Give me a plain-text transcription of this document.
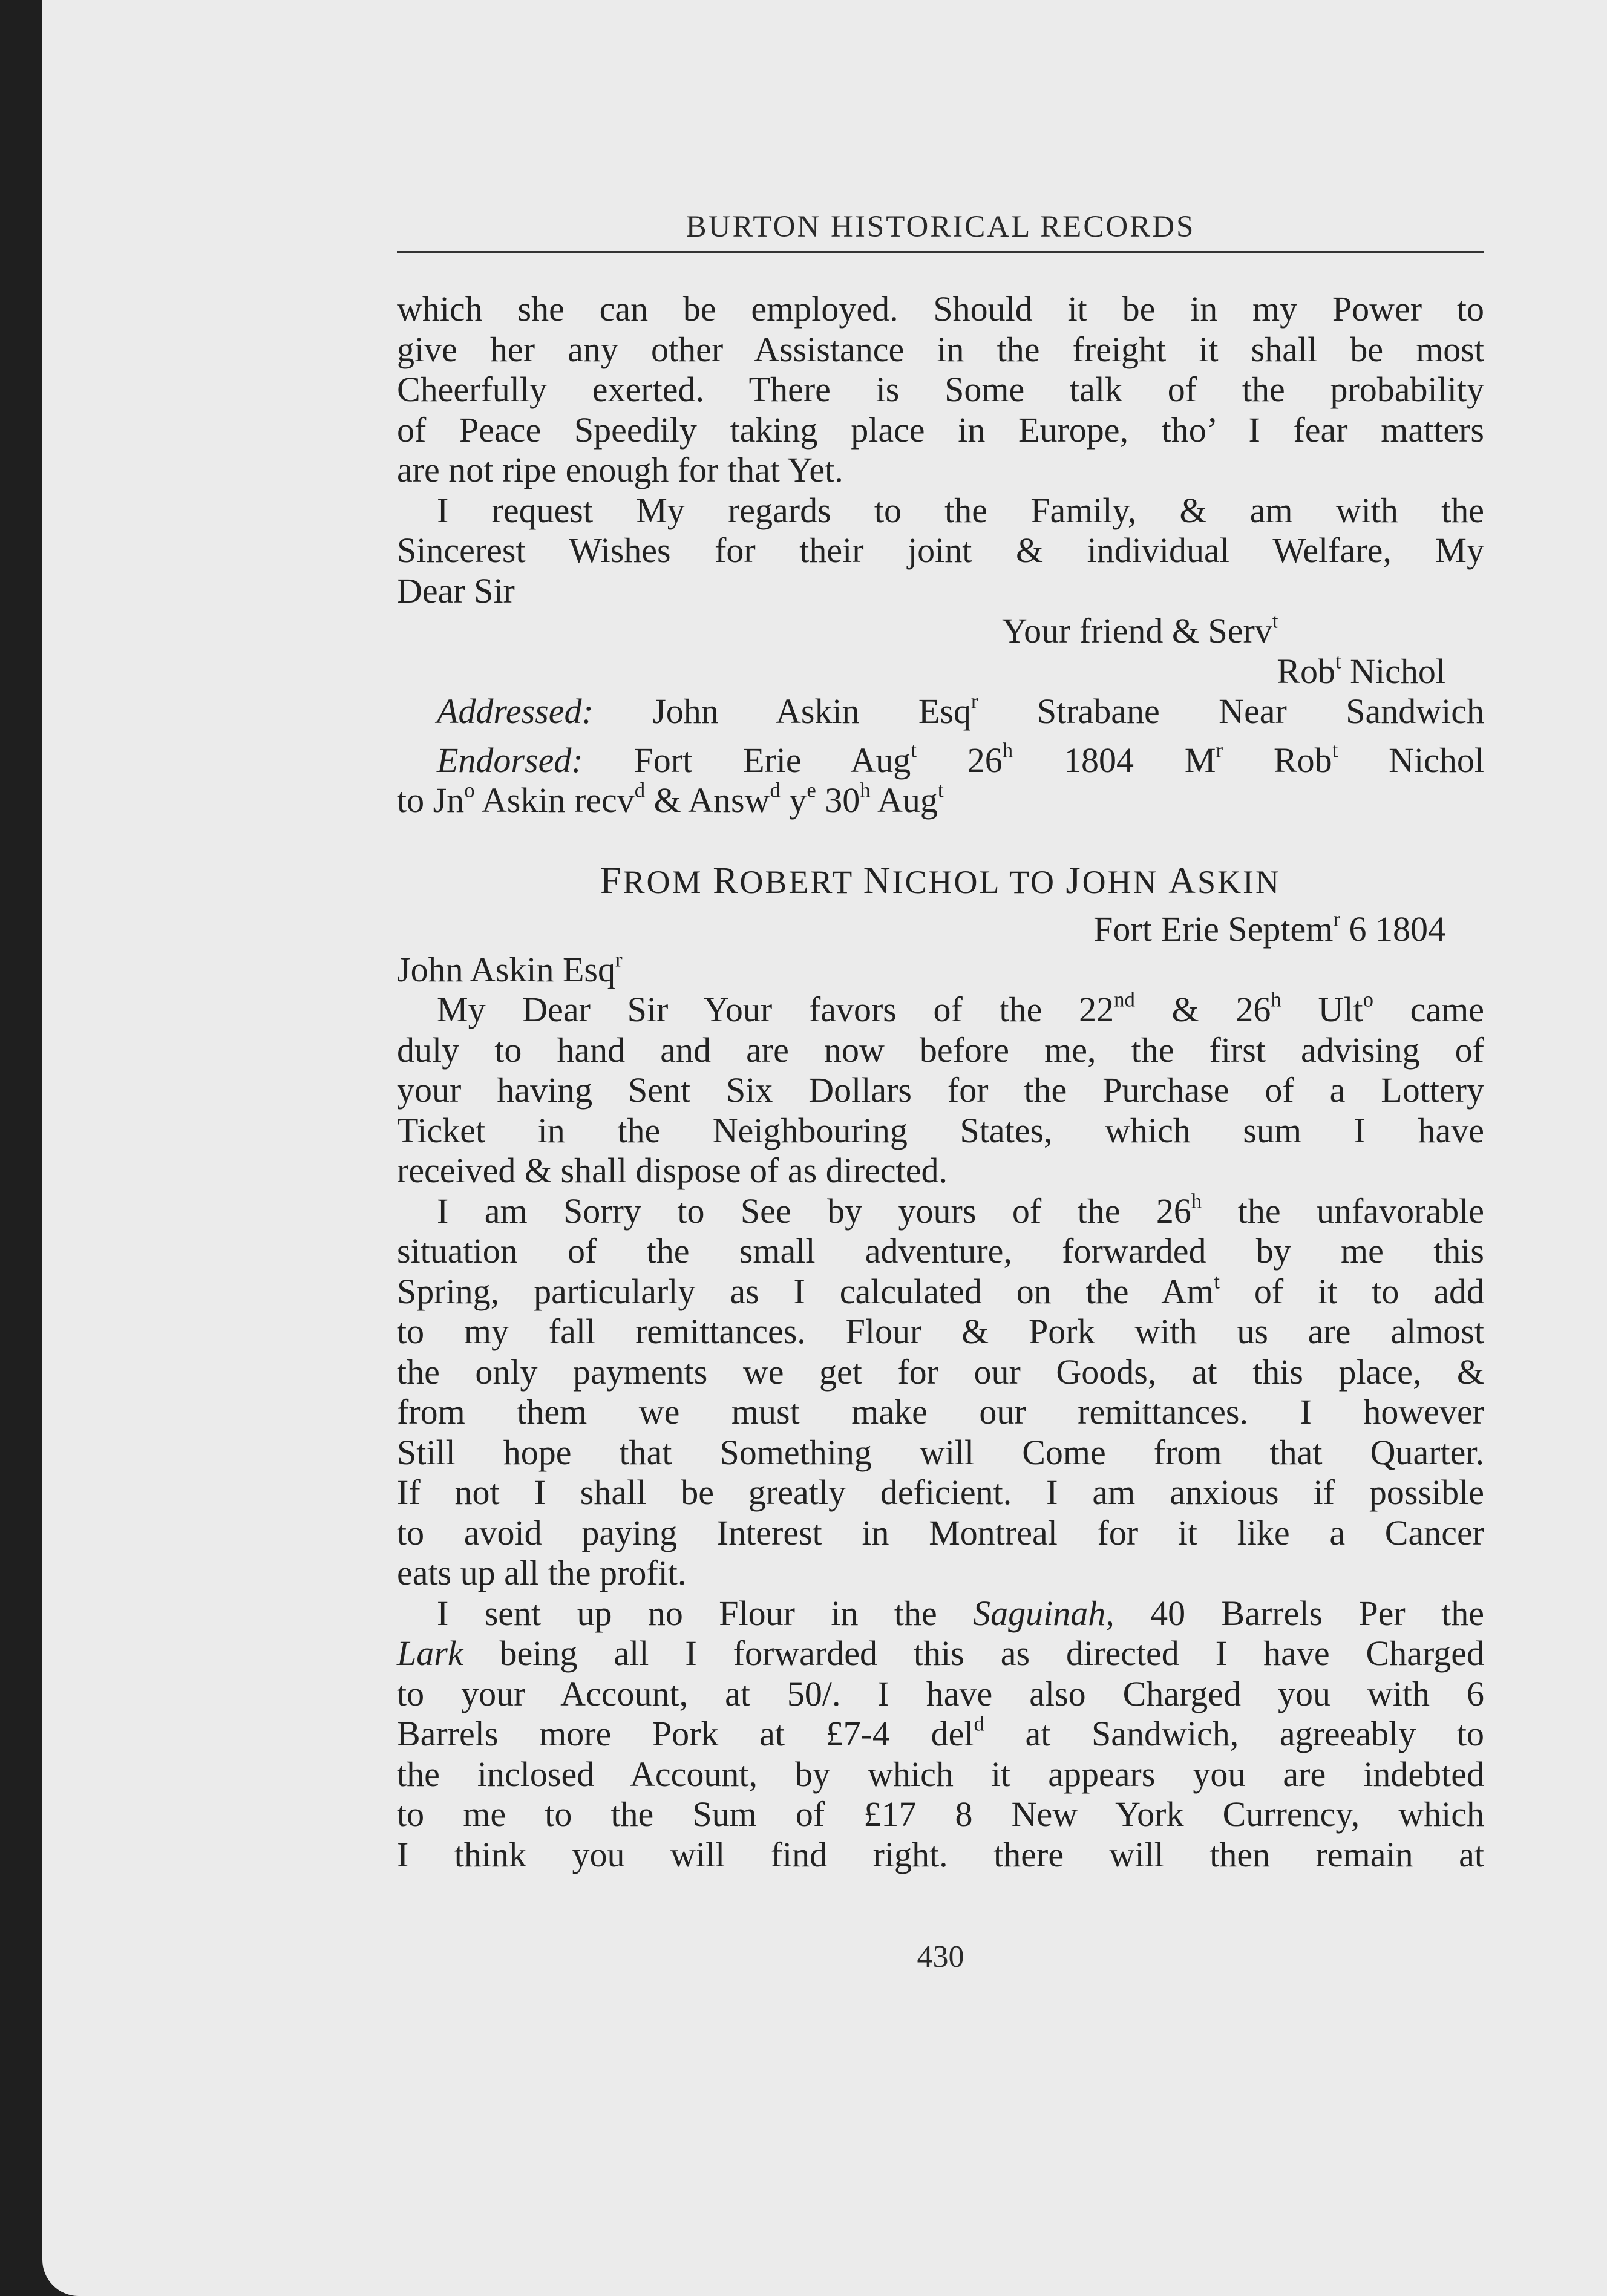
BURTON HISTORICAL RECORDS
which she can be employed. Should it be in my Power to
give her any other Assistance in the freight it shall be most
Cheerfully exerted. There is Some talk of the probability
of Peace Speedily taking place in Europe, tho’ I fear matters
are not ripe enough for that Yet.
I request My regards to the Family, & am with the
Sincerest Wishes for their joint & individual Welfare, My
Dear Sir
Your friend & Serv$^t$
Rob$^t$ Nichol
Addressed: John Askin Esq$^r$ Strabane Near Sandwich
Endorsed: Fort Erie Aug$^t$ 26$^h$ 1804 $M^r$ Rob$^t$ Nichol
to Jn$^o$ Askin recv$^d$ & Answ$^d$ $y^e$ 30$^h$ Aug$^t$
FROM ROBERT NICHOL TO JOHN ASKIN
Fort Erie Septem$^r$ 6 1804
John Askin Esq$^r$
My Dear Sir Your favors of the 22nd & 26$^h$ Ult$^o$ came
duly to hand and are now before me, the first advising of
your having Sent Six Dollars for the Purchase of a Lottery
Ticket in the Neighbouring States, which sum I have
received & shall dispose of as directed.
I am Sorry to See by yours of the 26$^h$ the unfavorable
situation of the small adventure, forwarded by me this
Spring, particularly as I calculated on the Am$^t$ of it to add
to my fall remittances. Flour & Pork with us are almost
the only payments we get for our Goods, at this place, &
from them we must make our remittances. I however
Still hope that Something will Come from that Quarter.
If not I shall be greatly deficient. I am anxious if possible
to avoid paying Interest in Montreal for it like a Cancer
eats up all the profit.
I sent up no Flour in the Saguinah, 40 Barrels Per the
Lark being all I forwarded this as directed I have Charged
to your Account, at 50/. I have also Charged you with 6
Barrels more Pork at £7-4 del$^d$ at Sandwich, agreeably to
the inclosed Account, by which it appears you are indebted
to me to the Sum of £17 8 New York Currency, which
I think you will find right. there will then remain at
430
